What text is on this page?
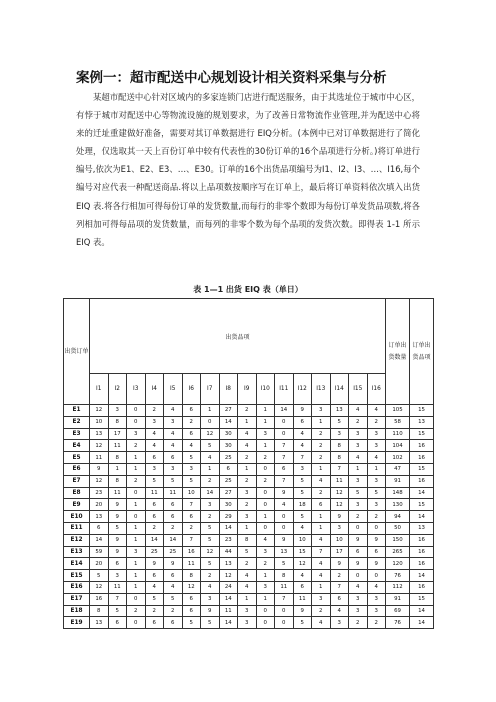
案例一：超市配送中心规划设计相关资料采集与分析

某超市配送中心针对区域内的多家连锁门店进行配送服务，由于其选址位于城市中心区，有悖于城市对配送中心等物流设施的规划要求，为了改善日常物流作业管理,并为配送中心将来的迁址重建做好准备，需要对其订单数据进行 EIQ分析。(本例中已对订单数据进行了简化处理，仅选取其一天上百份订单中较有代表性的30份订单的16个品项进行分析。)将订单进行编号,依次为E1、E2、E3、…、E30。订单的16个出货品项编号为I1、I2、I3、…、I16,每个编号对应代表一种配送商品.将以上品项数按顺序写在订单上，最后将订单资料依次填入出货 EIQ 表.将各行相加可得每份订单的发货数量,而每行的非零个数即为每份订单发货品项数,将各列相加可得每品项的发货数量，而每列的非零个数为每个品项的发货次数。即得表 1-1 所示 EIQ 表。

表 1—1 出货 EIQ 表（单日）
出货订单	出货品项																订单出货数量	订单出货品项
	I1	I2	I3	I4	I5	I6	I7	I8	I9	I10	I11	I12	I13	I14	I15	I16		
E1	12	3	0	2	4	6	1	27	2	1	14	9	3	13	4	4	105	15
E2	10	8	0	3	3	2	0	14	1	1	0	6	1	5	2	2	58	13
E3	13	17	3	4	4	6	12	30	4	3	0	4	2	3	3	3	110	15
E4	12	11	2	4	4	4	5	30	4	1	7	4	2	8	3	3	104	16
E5	11	8	1	6	6	5	4	25	2	2	7	7	2	8	4	4	102	16
E6	9	1	1	3	3	3	1	6	1	0	6	3	1	7	1	1	47	15
E7	12	8	2	5	5	5	2	25	2	2	7	5	4	11	3	3	91	16
E8	23	11	0	11	11	10	14	27	3	0	9	5	2	12	5	5	148	14
E9	20	9	1	6	6	7	3	30	2	0	4	18	6	12	3	3	130	15
E10	13	9	0	6	6	6	2	29	3	1	0	5	1	9	2	2	94	14
E11	6	5	1	2	2	2	5	14	1	0	0	4	1	3	0	0	50	13
E12	14	9	1	14	14	7	5	23	8	4	9	10	4	10	9	9	150	16
E13	59	9	3	25	25	16	12	44	5	3	13	15	7	17	6	6	265	16
E14	20	6	1	9	9	11	5	13	2	2	5	12	4	9	9	9	120	16
E15	5	3	1	6	6	8	2	12	4	1	8	4	4	2	0	0	76	14
E16	12	11	1	4	4	12	4	24	4	3	11	6	1	7	4	4	112	16
E17	16	7	0	5	5	6	3	14	1	1	7	11	3	6	3	3	91	15
E18	8	5	2	2	2	6	9	11	3	0	0	9	2	4	3	3	69	14
E19	13	6	0	6	6	5	5	14	3	0	0	5	4	3	2	2	76	14
